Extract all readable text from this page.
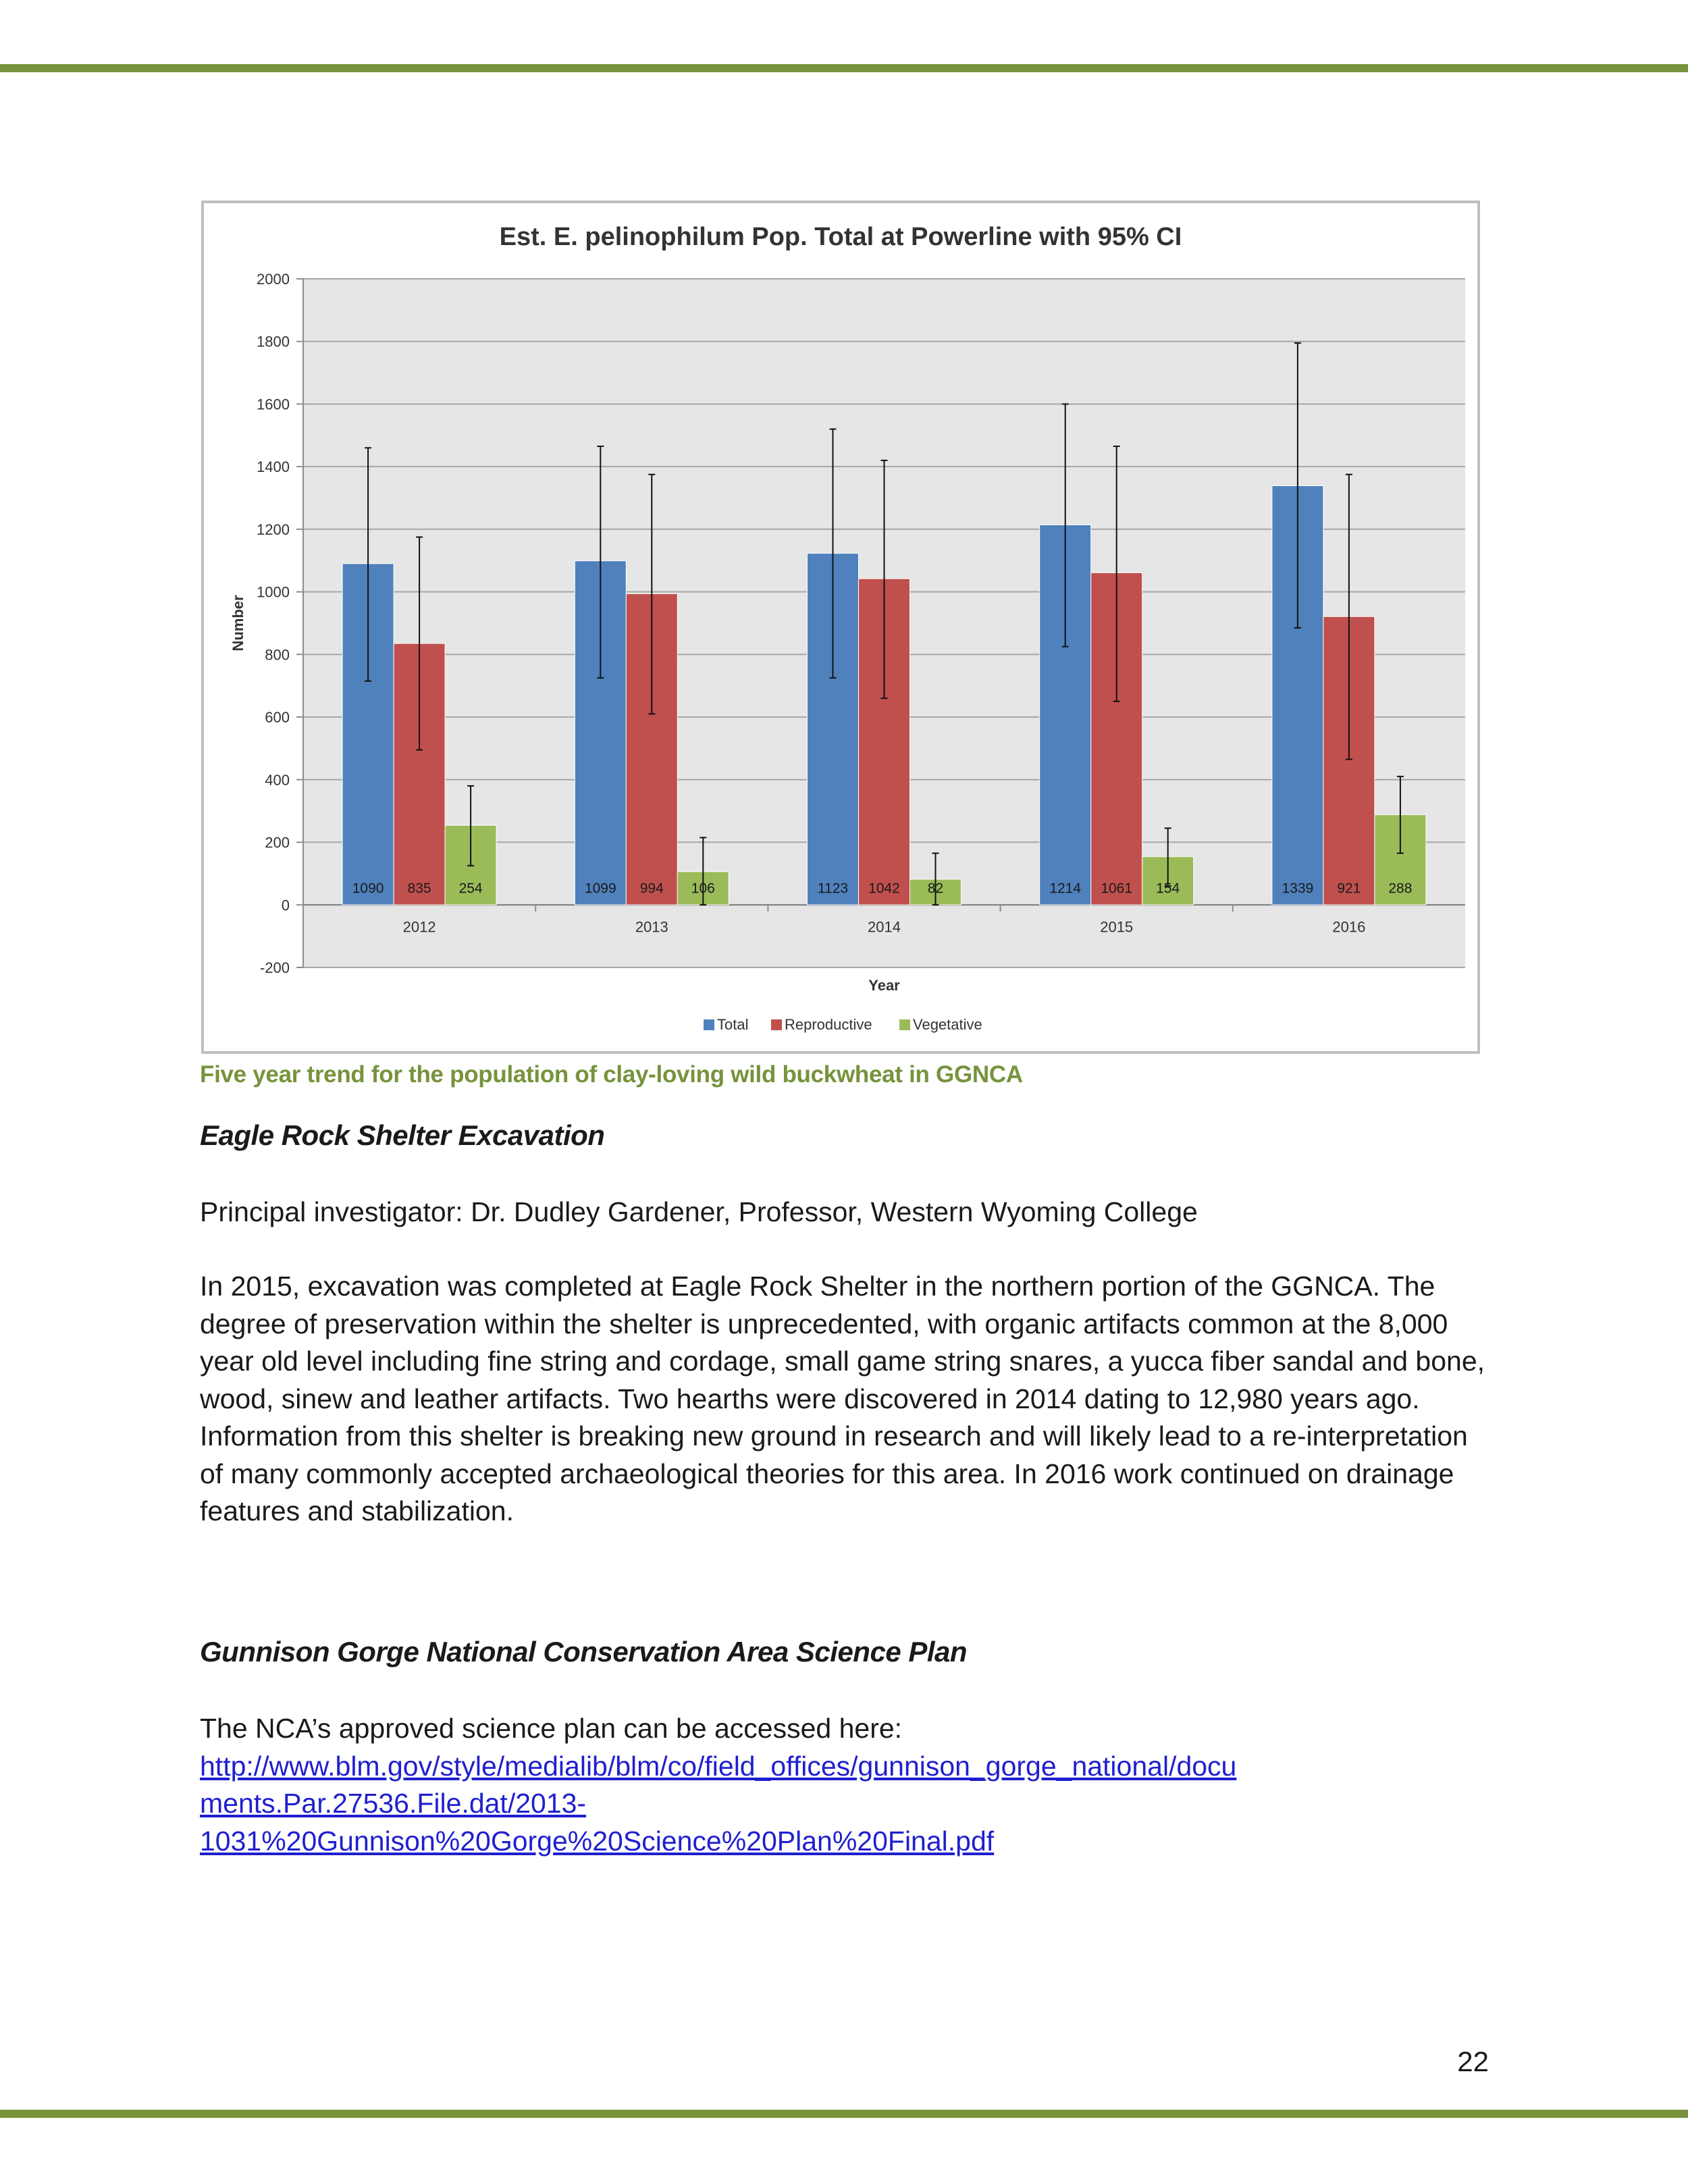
-200
0
200
400
600
800
1000
1200
1400
1600
1800
2000
2012
1090 835 254
2013
1099 994 106
2014
1123 1042 82
2015
1214 1061 154
2016
1339 921 288
Est. E. pelinophilum Pop. Total at Powerline with 95% CI
Year
Number
Total Reproductive	Vegetative
Five year trend for the population of clay-loving wild buckwheat in GGNCA
Eagle Rock Shelter Excavation

Principal investigator: Dr. Dudley Gardener, Professor, Western Wyoming College

In 2015, excavation was completed at Eagle Rock Shelter in the northern portion of the GGNCA. The degree of preservation within the shelter is unprecedented, with organic artifacts common at the 8,000 year old level including fine string and cordage, small game string snares, a yucca fiber sandal and bone, wood, sinew and leather artifacts. Two hearths were discovered in 2014 dating to 12,980 years ago. Information from this shelter is breaking new ground in research and will likely lead to a re-interpretation of many commonly accepted archaeological theories for this area. In 2016 work continued on drainage features and stabilization.

Gunnison Gorge National Conservation Area Science Plan
The NCA’s approved science plan can be accessed here:
http://www.blm.gov/style/medialib/blm/co/field_offices/gunnison_gorge_national/docu
ments.Par.27536.File.dat/2013-
1031%20Gunnison%20Gorge%20Science%20Plan%20Final.pdf
22
